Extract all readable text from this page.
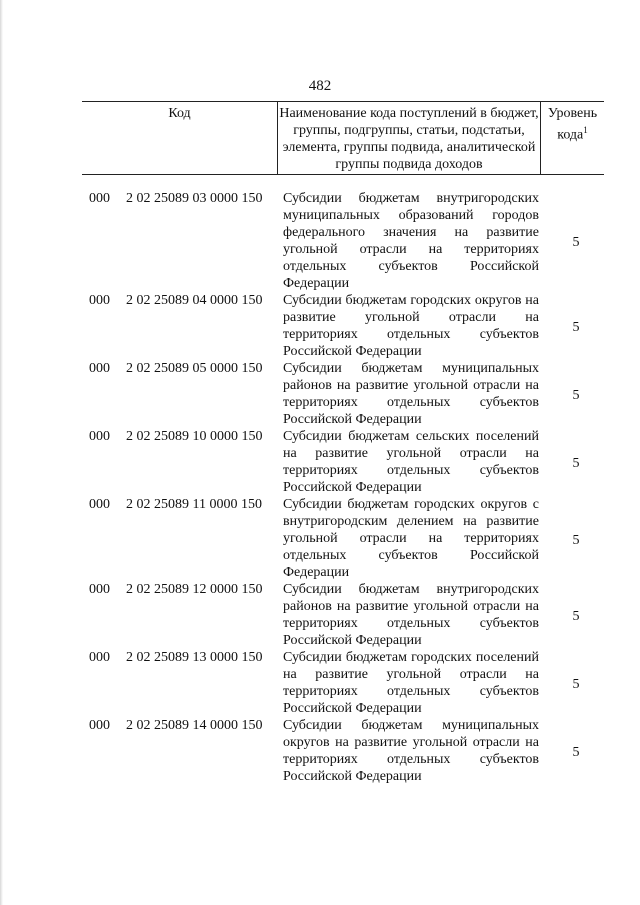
482
Код	Наименование кода поступлений в бюджет, группы, подгруппы, статьи, подстатьи, элемента, группы подвида, аналитической группы подвида доходов
Уровень кода$^1$
000 2 02 25089 03 0000 150 Субсидии бюджетам внутригородских муниципальных образований городов федерального значения на развитие угольной отрасли на территориях отдельных субъектов Российской Федерации
5
000 2 02 25089 04 0000 150 Субсидии бюджетам городских округов на развитие угольной отрасли на территориях отдельных субъектов Российской Федерации
5
000 2 02 25089 05 0000 150 Субсидии бюджетам муниципальных районов на развитие угольной отрасли на территориях отдельных субъектов Российской Федерации
5
000 2 02 25089 10 0000 150 Субсидии бюджетам сельских поселений на развитие угольной отрасли на территориях отдельных субъектов Российской Федерации
5
000 2 02 25089 11 0000 150 Субсидии бюджетам городских округов с внутригородским делением на развитие угольной отрасли на территориях отдельных субъектов Российской Федерации
5
000 2 02 25089 12 0000 150 Субсидии бюджетам внутригородских районов на развитие угольной отрасли на территориях отдельных субъектов Российской Федерации
5
000 2 02 25089 13 0000 150 Субсидии бюджетам городских поселений на развитие угольной отрасли на территориях отдельных субъектов Российской Федерации
5
000 2 02 25089 14 0000 150 Субсидии бюджетам муниципальных округов на развитие угольной отрасли на территориях отдельных субъектов Российской Федерации
5
